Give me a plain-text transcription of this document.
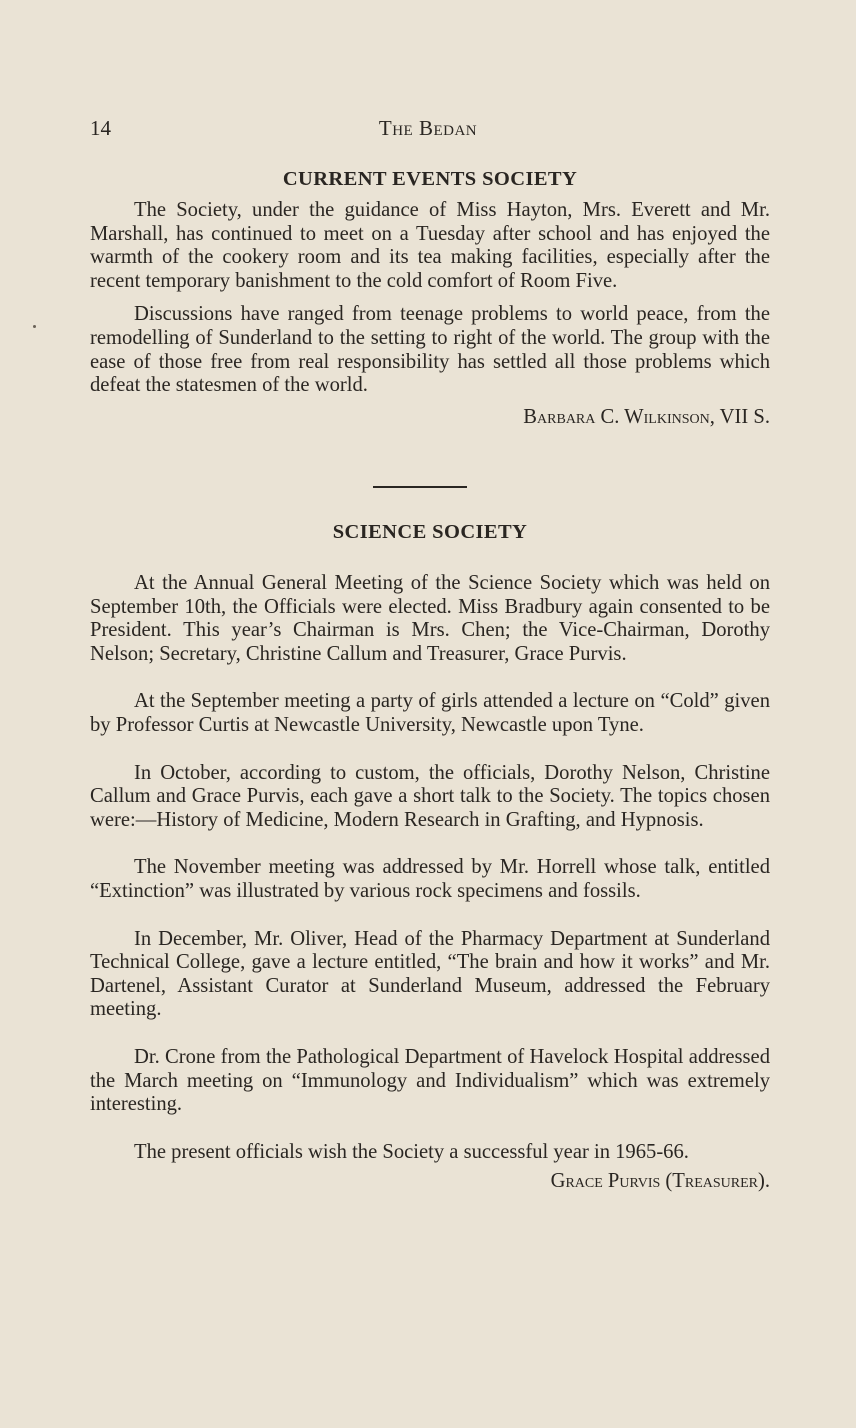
14	The Bedan
CURRENT EVENTS SOCIETY

The Society, under the guidance of Miss Hayton, Mrs. Everett and Mr. Marshall, has continued to meet on a Tuesday after school and has enjoyed the warmth of the cookery room and its tea making facilities, especially after the recent temporary banishment to the cold comfort of Room Five.

Discussions have ranged from teenage problems to world peace, from the remodelling of Sunderland to the setting to right of the world. The group with the ease of those free from real responsibility has settled all those problems which defeat the statesmen of the world.

Barbara C. Wilkinson, VII S.

SCIENCE SOCIETY

At the Annual General Meeting of the Science Society which was held on September 10th, the Officials were elected. Miss Bradbury again consented to be President. This year’s Chairman is Mrs. Chen; the Vice-Chairman, Dorothy Nelson; Secretary, Christine Callum and Treasurer, Grace Purvis.

At the September meeting a party of girls attended a lecture on “Cold” given by Professor Curtis at Newcastle University, Newcastle upon Tyne.

In October, according to custom, the officials, Dorothy Nelson, Christine Callum and Grace Purvis, each gave a short talk to the Society. The topics chosen were:—History of Medicine, Modern Research in Grafting, and Hypnosis.

The November meeting was addressed by Mr. Horrell whose talk, entitled “Extinction” was illustrated by various rock specimens and fossils.

In December, Mr. Oliver, Head of the Pharmacy Department at Sunderland Technical College, gave a lecture entitled, “The brain and how it works” and Mr. Dartenel, Assistant Curator at Sunderland Museum, addressed the February meeting.

Dr. Crone from the Pathological Department of Havelock Hospital addressed the March meeting on “Immunology and Individualism” which was extremely interesting.

The present officials wish the Society a successful year in 1965-66.

Grace Purvis (Treasurer).
